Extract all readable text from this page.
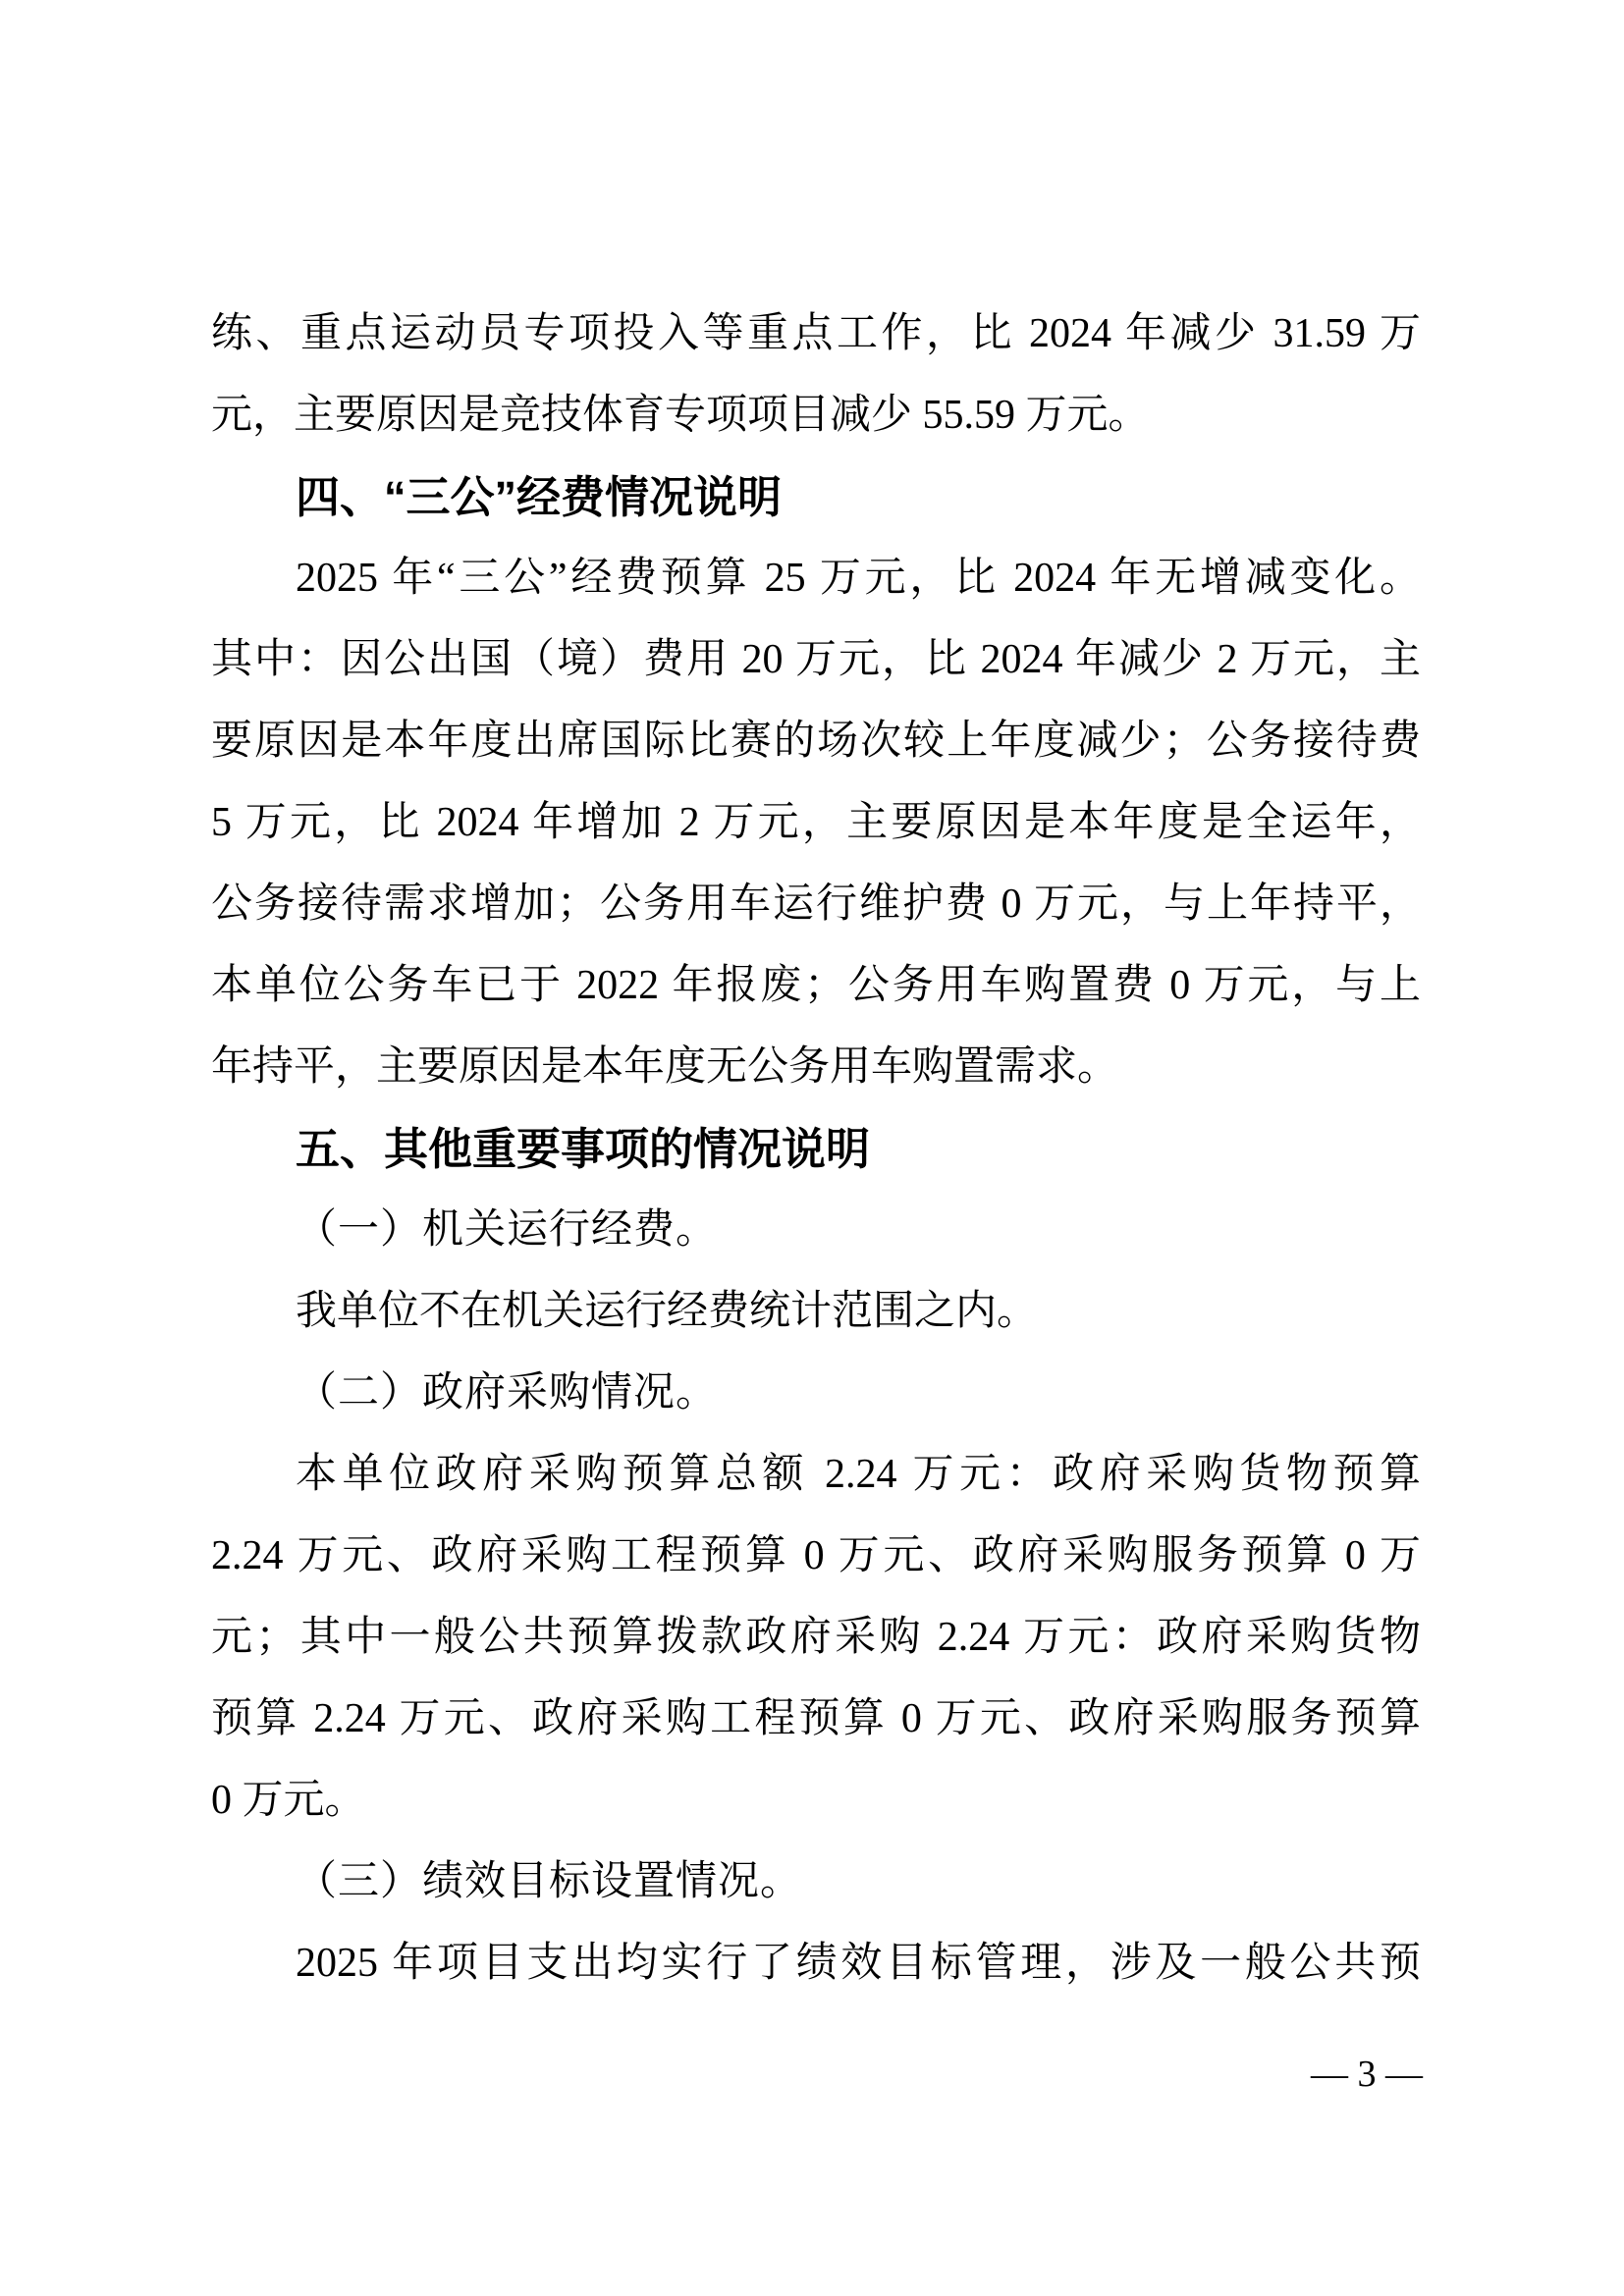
练、重点运动员专项投入等重点工作，比 2024 年减少 31.59 万
元，主要原因是竞技体育专项项目减少 55.59 万元。
四、“三公”经费情况说明
2025 年“三公”经费预算 25 万元，比 2024 年无增减变化。
其中：因公出国（境）费用 20 万元，比 2024 年减少 2 万元，主
要原因是本年度出席国际比赛的场次较上年度减少；公务接待费
5 万元，比 2024 年增加 2 万元，主要原因是本年度是全运年，
公务接待需求增加；公务用车运行维护费 0 万元，与上年持平，
本单位公务车已于 2022 年报废；公务用车购置费 0 万元，与上
年持平，主要原因是本年度无公务用车购置需求。
五、其他重要事项的情况说明
（一）机关运行经费。
我单位不在机关运行经费统计范围之内。
（二）政府采购情况。
本单位政府采购预算总额 2.24 万元：政府采购货物预算
2.24 万元、政府采购工程预算 0 万元、政府采购服务预算 0 万
元；其中一般公共预算拨款政府采购 2.24 万元：政府采购货物
预算 2.24 万元、政府采购工程预算 0 万元、政府采购服务预算
0 万元。
（三）绩效目标设置情况。
2025 年项目支出均实行了绩效目标管理，涉及一般公共预
— 3 —
